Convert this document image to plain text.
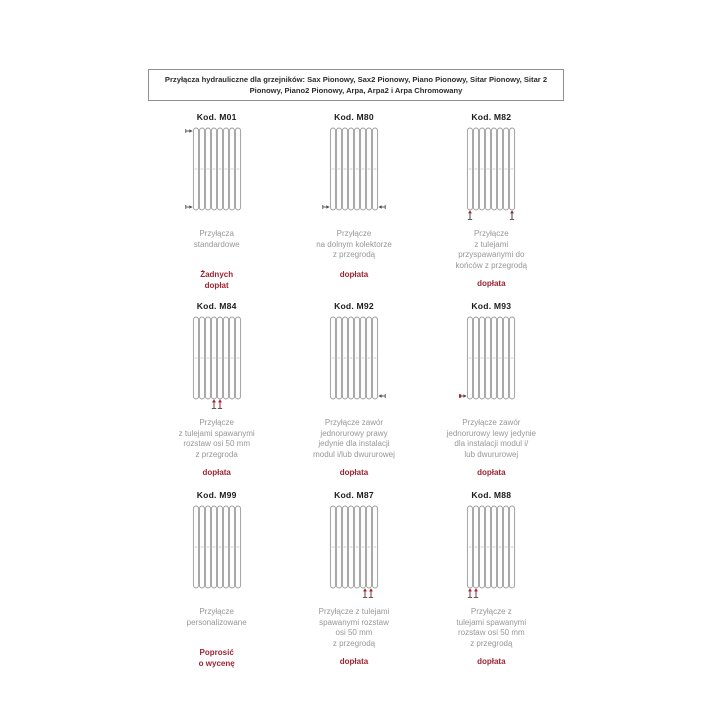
Przyłącza hydrauliczne dla grzejników: Sax Pionowy, Sax2 Pionowy, Piano Pionowy, Sitar Pionowy, Sitar 2 Pionowy, Piano2 Pionowy, Arpa, Arpa2 i Arpa Chromowany
Kod. M01
Przyłącza
standardowe
Żadnych
dopłat
Kod. M80
Przyłącze
na dolnym kolektorze
z przegrodą
dopłata
Kod. M82
Przyłącze
z tulejami
przyspawanymi do
końców z przegrodą
dopłata
Kod. M84
Przyłącze
z tulejami spawanymi
rozstaw osi 50 mm
z przegroda
dopłata
Kod. M92
Przyłącze zawór
jednorurowy prawy
jedynie dla instalacji
modul i/lub dwururowej
dopłata
Kod. M93
Przyłącze zawór
jednorurowy lewy jedynie
dla instalacji modul i/
lub dwururowej
dopłata
Kod. M99
Przyłącze
personalizowane
Poprosić
o wycenę
Kod. M87
Przyłącze z tulejami
spawanymi rozstaw
osi 50 mm
z przegrodą
dopłata
Kod. M88
Przyłącze z
tulejami spawanymi
rozstaw osi 50 mm
z przegrodą
dopłata
